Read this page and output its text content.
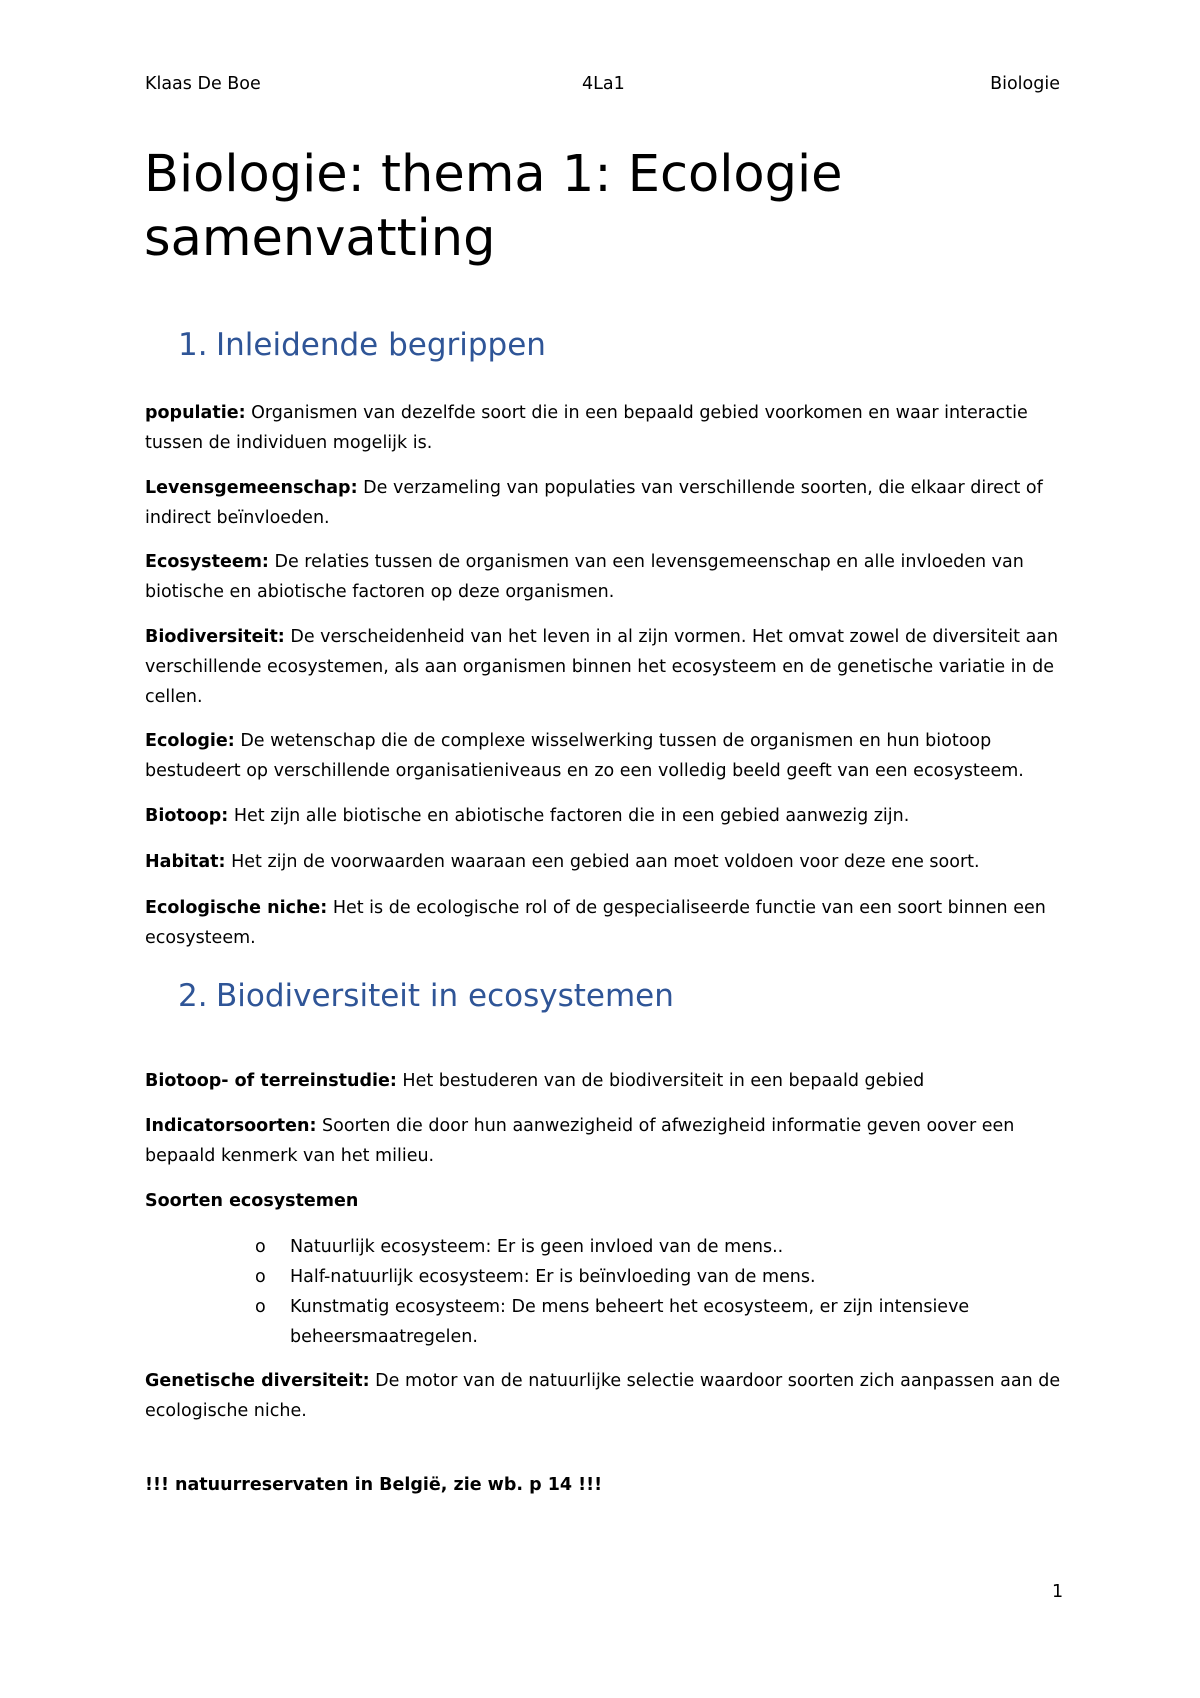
Klaas De Boe	4La1	Biologie
Biologie: thema 1: Ecologie samenvatting
1. Inleidende begrippen

populatie: Organismen van dezelfde soort die in een bepaald gebied voorkomen en waar interactie tussen de individuen mogelijk is.

Levensgemeenschap: De verzameling van populaties van verschillende soorten, die elkaar direct of indirect beïnvloeden.

Ecosysteem: De relaties tussen de organismen van een levensgemeenschap en alle invloeden van biotische en abiotische factoren op deze organismen.

Biodiversiteit: De verscheidenheid van het leven in al zijn vormen. Het omvat zowel de diversiteit aan verschillende ecosystemen, als aan organismen binnen het ecosysteem en de genetische variatie in de cellen.

Ecologie: De wetenschap die de complexe wisselwerking tussen de organismen en hun biotoop bestudeert op verschillende organisatieniveaus en zo een volledig beeld geeft van een ecosysteem.

Biotoop: Het zijn alle biotische en abiotische factoren die in een gebied aanwezig zijn.

Habitat: Het zijn de voorwaarden waaraan een gebied aan moet voldoen voor deze ene soort.

Ecologische niche: Het is de ecologische rol of de gespecialiseerde functie van een soort binnen een ecosysteem.

2. Biodiversiteit in ecosystemen

Biotoop- of terreinstudie: Het bestuderen van de biodiversiteit in een bepaald gebied

Indicatorsoorten: Soorten die door hun aanwezigheid of afwezigheid informatie geven oover een bepaald kenmerk van het milieu.

Soorten ecosystemen

o Natuurlijk ecosysteem: Er is geen invloed van de mens..
o Half-natuurlijk ecosysteem: Er is beïnvloeding van de mens.
o Kunstmatig ecosysteem: De mens beheert het ecosysteem, er zijn intensieve beheersmaatregelen.

Genetische diversiteit: De motor van de natuurlijke selectie waardoor soorten zich aanpassen aan de ecologische niche.

!!! natuurreservaten in België, zie wb. p 14 !!!
1
